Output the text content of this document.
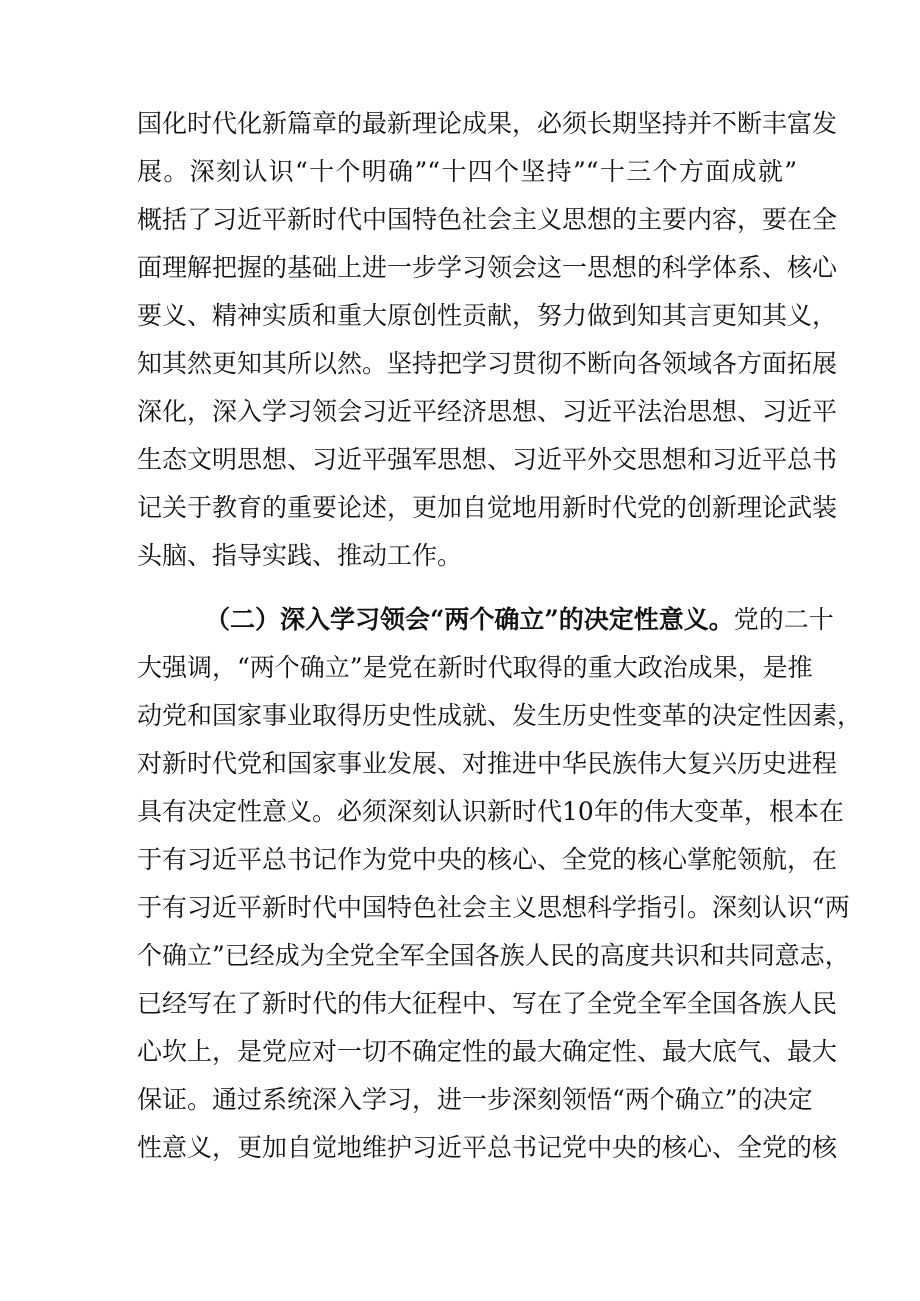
国化时代化新篇章的最新理论成果，必须长期坚持并不断丰富发
展。深刻认识“十个明确”“十四个坚持”“十三个方面成就”
概括了习近平新时代中国特色社会主义思想的主要内容，要在全
面理解把握的基础上进一步学习领会这一思想的科学体系、核心
要义、精神实质和重大原创性贡献，努力做到知其言更知其义，
知其然更知其所以然。坚持把学习贯彻不断向各领域各方面拓展
深化，深入学习领会习近平经济思想、习近平法治思想、习近平
生态文明思想、习近平强军思想、习近平外交思想和习近平总书
记关于教育的重要论述，更加自觉地用新时代党的创新理论武装
头脑、指导实践、推动工作。
（二）深入学习领会“两个确立”的决定性意义。党的二十
大强调，“两个确立”是党在新时代取得的重大政治成果，是推
动党和国家事业取得历史性成就、发生历史性变革的决定性因素，
对新时代党和国家事业发展、对推进中华民族伟大复兴历史进程
具有决定性意义。必须深刻认识新时代10年的伟大变革，根本在
于有习近平总书记作为党中央的核心、全党的核心掌舵领航，在
于有习近平新时代中国特色社会主义思想科学指引。深刻认识“两
个确立”已经成为全党全军全国各族人民的高度共识和共同意志，
已经写在了新时代的伟大征程中、写在了全党全军全国各族人民
心坎上，是党应对一切不确定性的最大确定性、最大底气、最大
保证。通过系统深入学习，进一步深刻领悟“两个确立”的决定
性意义，更加自觉地维护习近平总书记党中央的核心、全党的核
